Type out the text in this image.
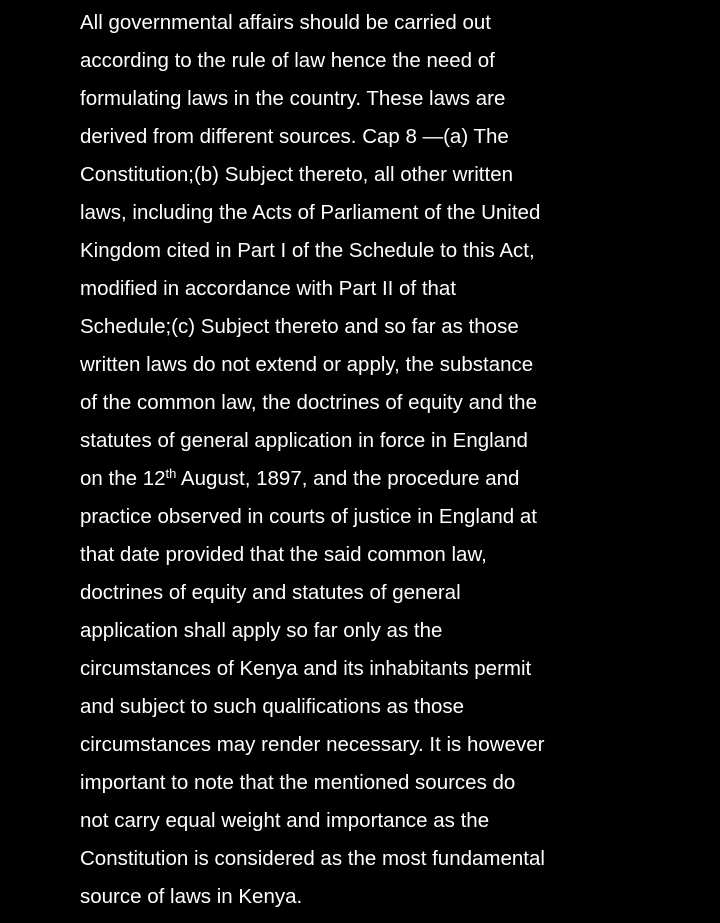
All governmental affairs should be carried out
according to the rule of law hence the need of
formulating laws in the country. These laws are
derived from different sources. Cap 8 —(a) The
Constitution;(b) Subject thereto, all other written
laws, including the Acts of Parliament of the United
Kingdom cited in Part I of the Schedule to this Act,
modified in accordance with Part II of that
Schedule;(c) Subject thereto and so far as those
written laws do not extend or apply, the substance
of the common law, the doctrines of equity and the
statutes of general application in force in England
on the 12th August, 1897, and the procedure and
practice observed in courts of justice in England at
that date provided that the said common law,
doctrines of equity and statutes of general
application shall apply so far only as the
circumstances of Kenya and its inhabitants permit
and subject to such qualifications as those
circumstances may render necessary. It is however
important to note that the mentioned sources do
not carry equal weight and importance as the
Constitution is considered as the most fundamental
source of laws in Kenya.
